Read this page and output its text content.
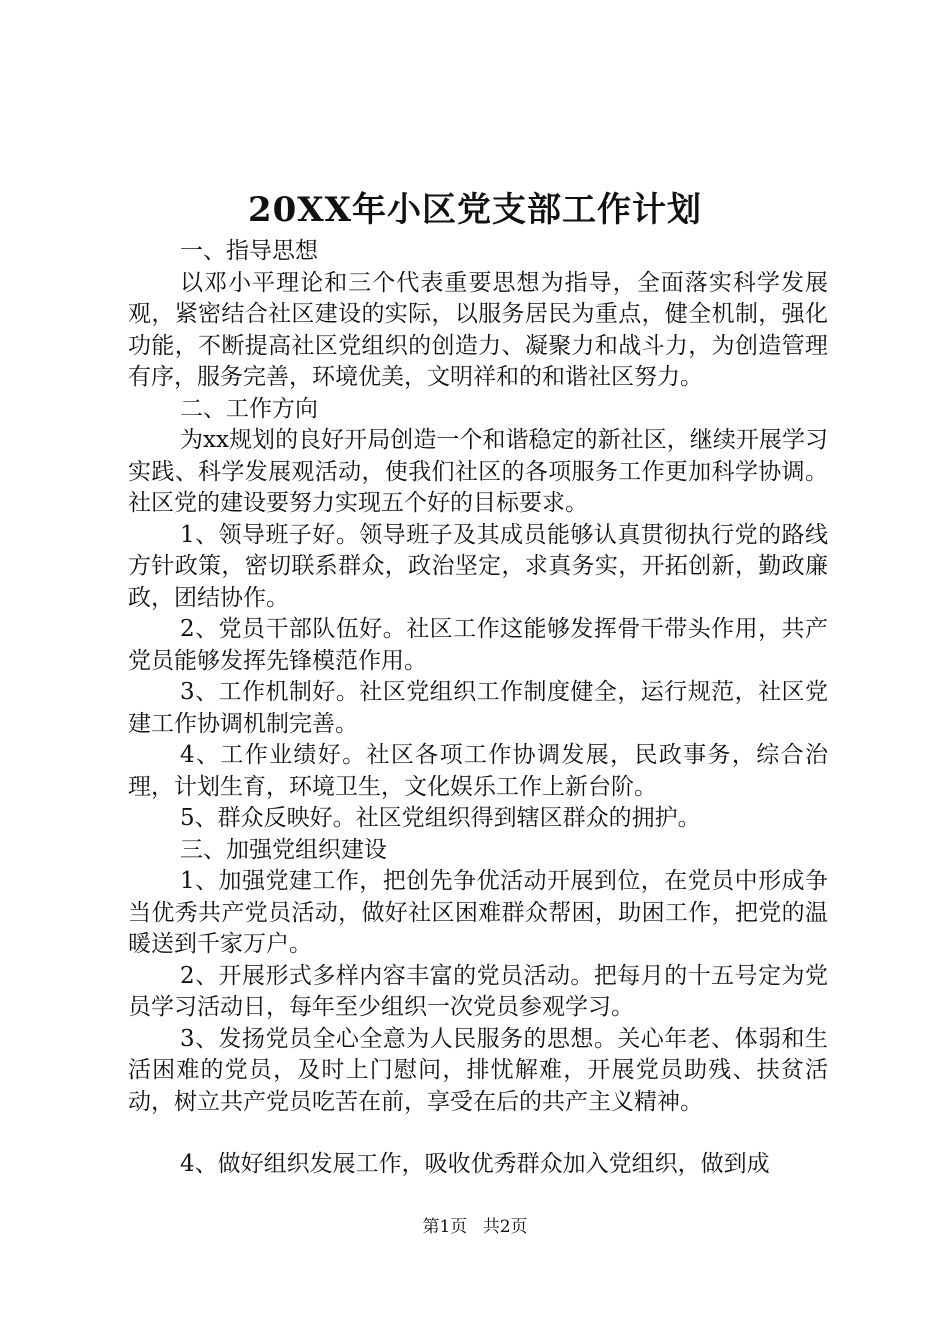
20XX年小区党支部工作计划

一、指导思想

以邓小平理论和三个代表重要思想为指导，全面落实科学发展观，紧密结合社区建设的实际，以服务居民为重点，健全机制，强化功能，不断提高社区党组织的创造力、凝聚力和战斗力，为创造管理有序，服务完善，环境优美，文明祥和的和谐社区努力。

二、工作方向

为xx规划的良好开局创造一个和谐稳定的新社区，继续开展学习实践、科学发展观活动，使我们社区的各项服务工作更加科学协调。社区党的建设要努力实现五个好的目标要求。

1、领导班子好。领导班子及其成员能够认真贯彻执行党的路线方针政策，密切联系群众，政治坚定，求真务实，开拓创新，勤政廉政，团结协作。

2、党员干部队伍好。社区工作这能够发挥骨干带头作用，共产党员能够发挥先锋模范作用。

3、工作机制好。社区党组织工作制度健全，运行规范，社区党建工作协调机制完善。

4、工作业绩好。社区各项工作协调发展，民政事务，综合治理，计划生育，环境卫生，文化娱乐工作上新台阶。

5、群众反映好。社区党组织得到辖区群众的拥护。

三、加强党组织建设

1、加强党建工作，把创先争优活动开展到位，在党员中形成争当优秀共产党员活动，做好社区困难群众帮困，助困工作，把党的温暖送到千家万户。

2、开展形式多样内容丰富的党员活动。把每月的十五号定为党员学习活动日，每年至少组织一次党员参观学习。

3、发扬党员全心全意为人民服务的思想。关心年老、体弱和生活困难的党员，及时上门慰问，排忧解难，开展党员助残、扶贫活动，树立共产党员吃苦在前，享受在后的共产主义精神。

4、做好组织发展工作，吸收优秀群众加入党组织，做到成

第1页 共2页
